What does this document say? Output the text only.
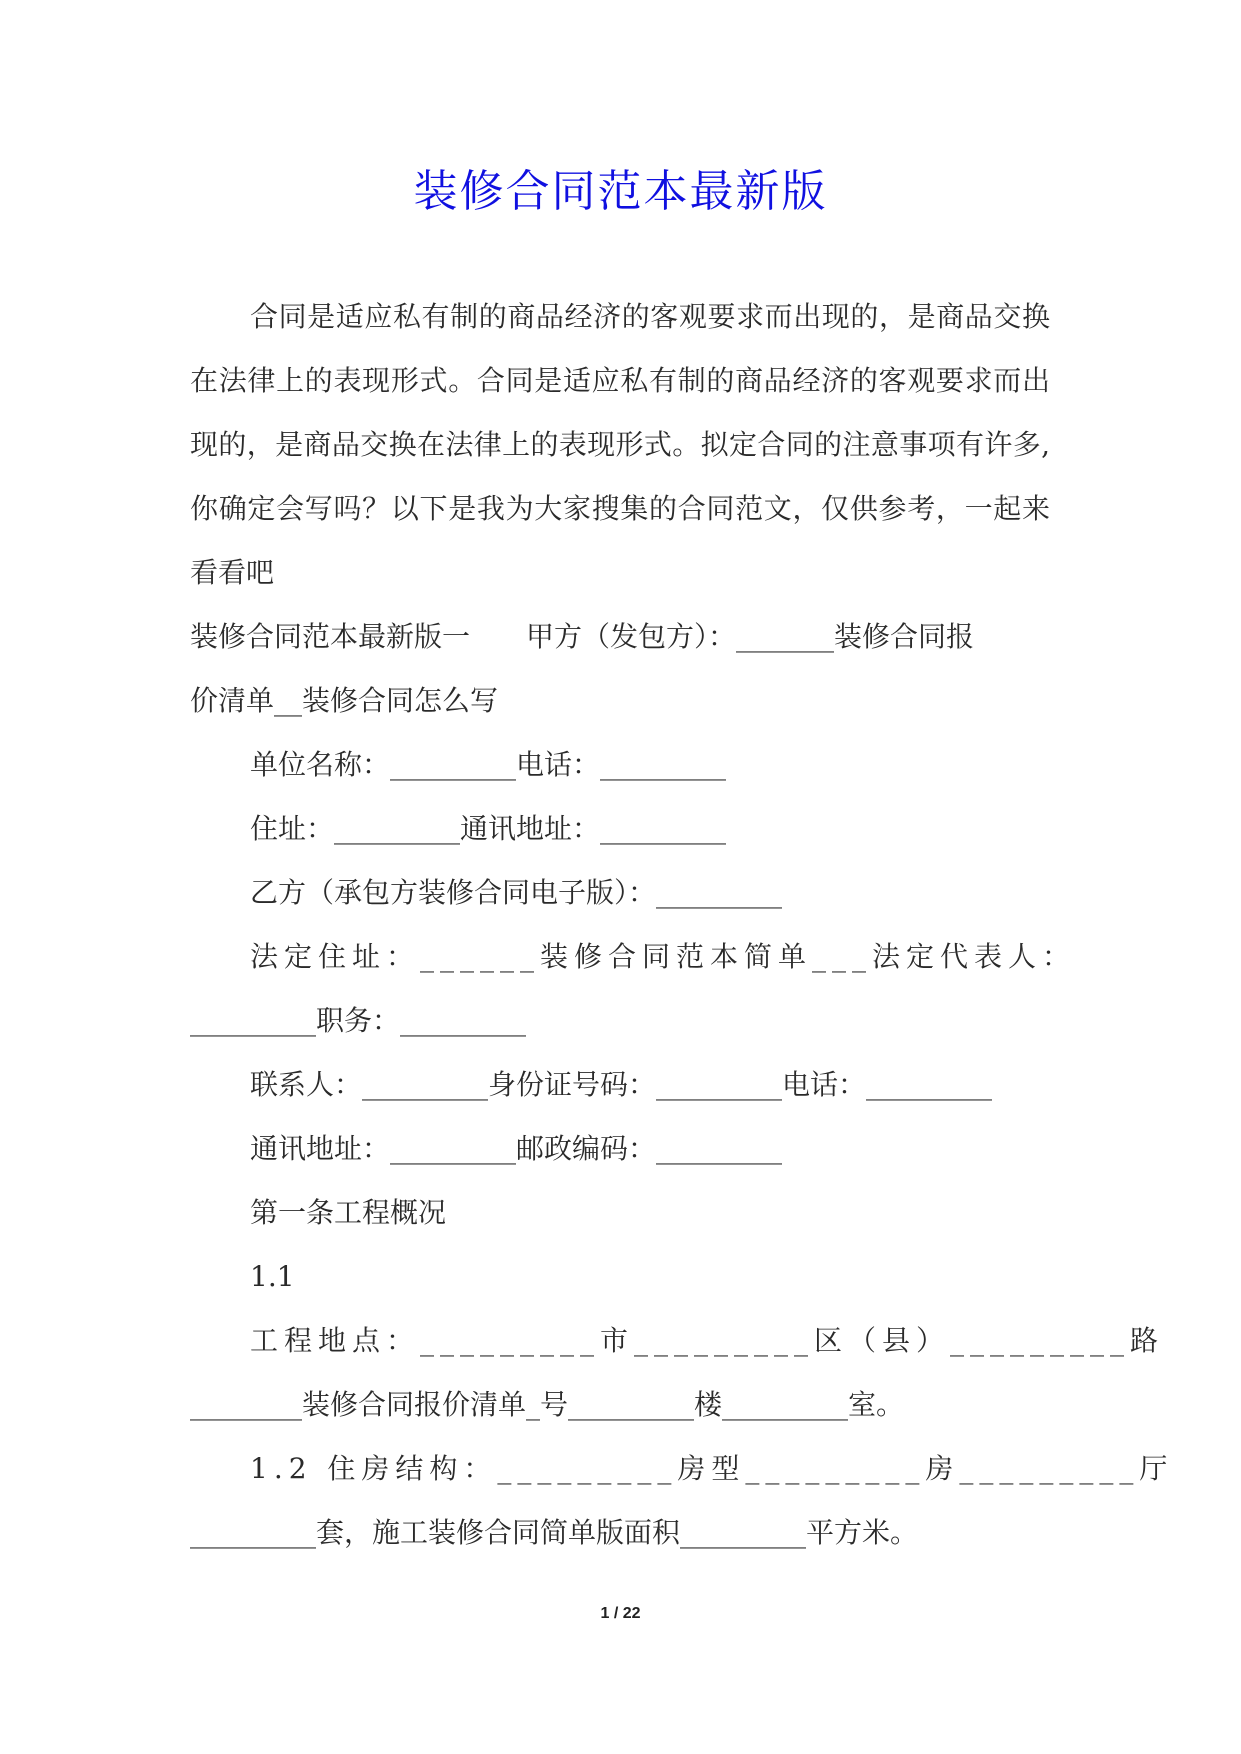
装修合同范本最新版

合同是适应私有制的商品经济的客观要求而出现的，是商品交换在法律上的表现形式。合同是适应私有制的商品经济的客观要求而出现的，是商品交换在法律上的表现形式。拟定合同的注意事项有许多,你确定会写吗？以下是我为大家搜集的合同范文，仅供参考，一起来看看吧

装修合同范本最新版一　　甲方（发包方）：_______装修合同报

价清单__装修合同怎么写

单位名称：_________电话：_________

住址：_________通讯地址：_________

乙方（承包方装修合同电子版）：_________

法定住址：______装修合同范本简单___法定代表人：

_________职务：_________

联系人：_________身份证号码：_________电话：_________

通讯地址：_________邮政编码：_________

第一条工程概况

1.1

工程地点：_________市_________区（县）_________路

________装修合同报价清单_号_________楼_________室。

1.2 住房结构：_________房型_________房_________厅

_________套，施工装修合同简单版面积_________平方米。

1 / 22
